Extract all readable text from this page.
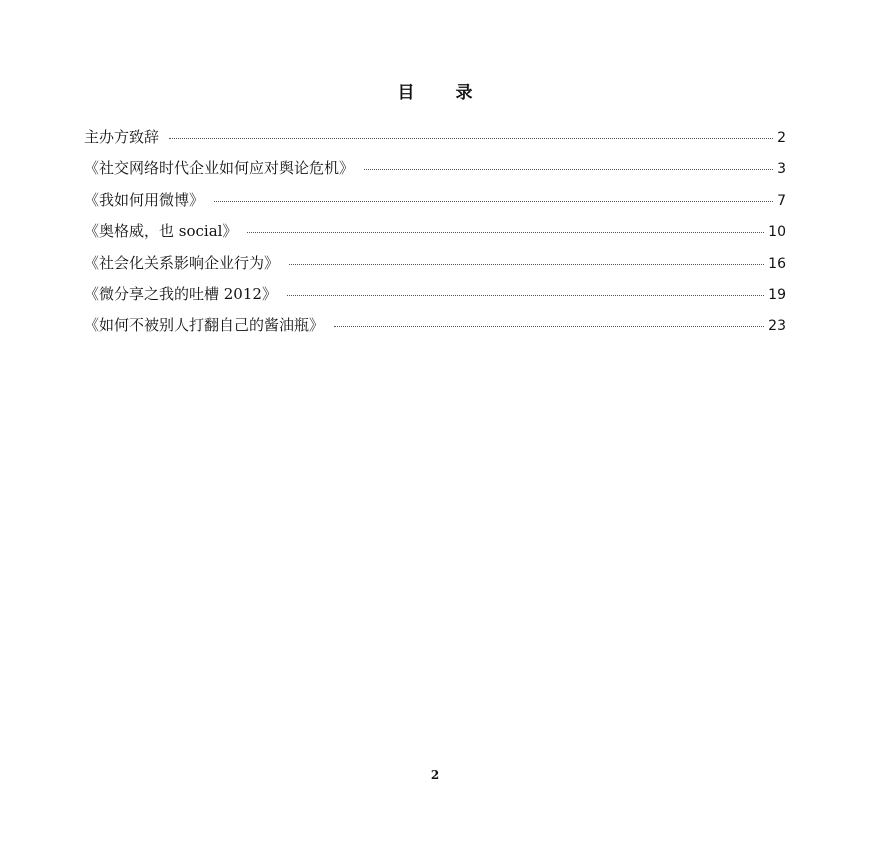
目　录
主办方致辞	2
《社交网络时代企业如何应对舆论危机》	3
《我如何用微博》	7
《奥格威，也 social》	10
《社会化关系影响企业行为》	16
《微分享之我的吐槽 2012》	19
《如何不被别人打翻自己的酱油瓶》	23
2
